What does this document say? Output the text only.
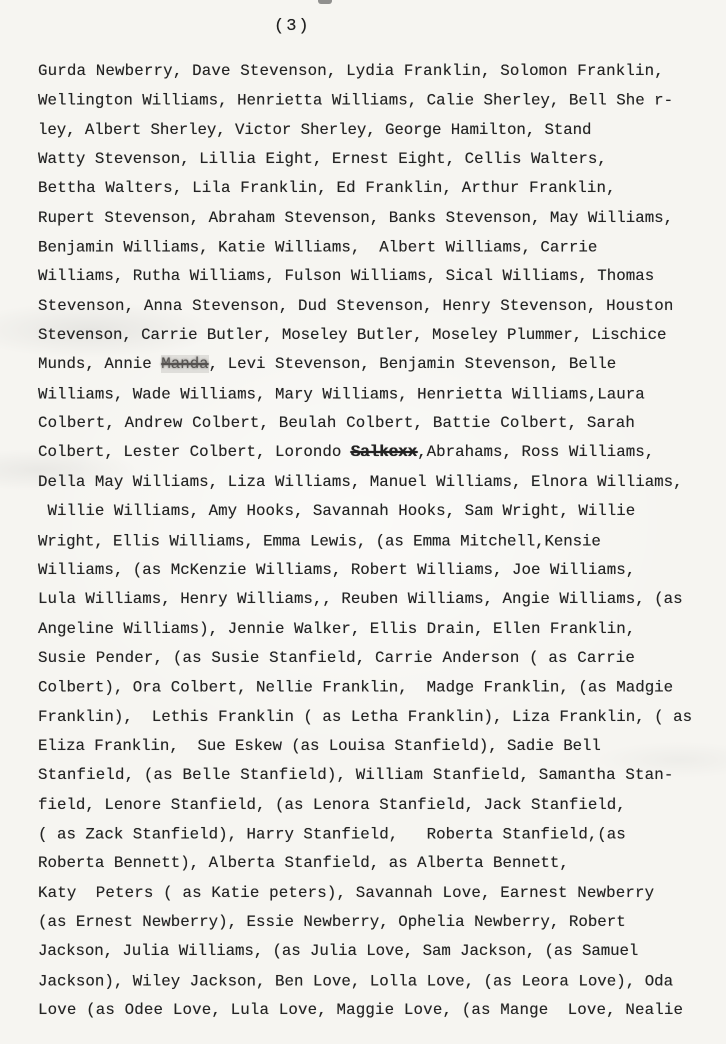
(3)
Gurda Newberry, Dave Stevenson, Lydia Franklin, Solomon Franklin,
Wellington Williams, Henrietta Williams, Calie Sherley, Bell She r-
ley, Albert Sherley, Victor Sherley, George Hamilton, Stand
Watty Stevenson, Lillia Eight, Ernest Eight, Cellis Walters,
Bettha Walters, Lila Franklin, Ed Franklin, Arthur Franklin,
Rupert Stevenson, Abraham Stevenson, Banks Stevenson, May Williams,
Benjamin Williams, Katie Williams,  Albert Williams, Carrie
Williams, Rutha Williams, Fulson Williams, Sical Williams, Thomas
Stevenson, Anna Stevenson, Dud Stevenson, Henry Stevenson, Houston
Stevenson, Carrie Butler, Moseley Butler, Moseley Plummer, Lischice
Munds, Annie Manda, Levi Stevenson, Benjamin Stevenson, Belle
Williams, Wade Williams, Mary Williams, Henrietta Williams,Laura
Colbert, Andrew Colbert, Beulah Colbert, Battie Colbert, Sarah
Colbert, Lester Colbert, Lorondo Salkexx,Abrahams, Ross Williams,
Della May Williams, Liza Williams, Manuel Williams, Elnora Williams,
Willie Williams, Amy Hooks, Savannah Hooks, Sam Wright, Willie
Wright, Ellis Williams, Emma Lewis, (as Emma Mitchell,Kensie
Williams, (as McKenzie Williams, Robert Williams, Joe Williams,
Lula Williams, Henry Williams,, Reuben Williams, Angie Williams, (as
Angeline Williams), Jennie Walker, Ellis Drain, Ellen Franklin,
Susie Pender, (as Susie Stanfield, Carrie Anderson ( as Carrie
Colbert), Ora Colbert, Nellie Franklin,  Madge Franklin, (as Madgie
Franklin),  Lethis Franklin ( as Letha Franklin), Liza Franklin, ( as
Eliza Franklin,  Sue Eskew (as Louisa Stanfield), Sadie Bell
Stanfield, (as Belle Stanfield), William Stanfield, Samantha Stan-
field, Lenore Stanfield, (as Lenora Stanfield, Jack Stanfield,
( as Zack Stanfield), Harry Stanfield,   Roberta Stanfield,(as
Roberta Bennett), Alberta Stanfield, as Alberta Bennett,
Katy  Peters ( as Katie peters), Savannah Love, Earnest Newberry
(as Ernest Newberry), Essie Newberry, Ophelia Newberry, Robert
Jackson, Julia Williams, (as Julia Love, Sam Jackson, (as Samuel
Jackson), Wiley Jackson, Ben Love, Lolla Love, (as Leora Love), Oda
Love (as Odee Love, Lula Love, Maggie Love, (as Mange  Love, Nealie
